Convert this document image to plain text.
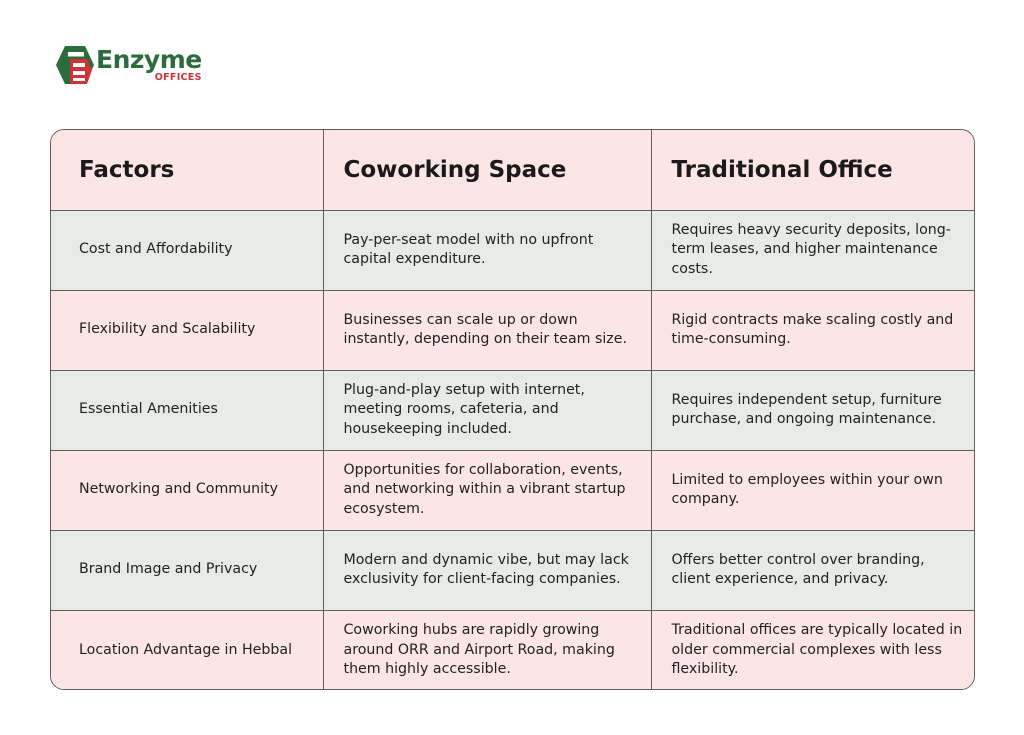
Enzyme
OFFICES
Factors	Coworking Space	Traditional Office
Cost and Affordability	Pay-per-seat model with no upfront capital expenditure.	Requires heavy security deposits, long-term leases, and higher maintenance costs.
Flexibility and Scalability	Businesses can scale up or down instantly, depending on their team size.	Rigid contracts make scaling costly and time-consuming.
Essential Amenities	Plug-and-play setup with internet, meeting rooms, cafeteria, and housekeeping included.	Requires independent setup, furniture purchase, and ongoing maintenance.
Networking and Community	Opportunities for collaboration, events, and networking within a vibrant startup ecosystem.	Limited to employees within your own company.
Brand Image and Privacy	Modern and dynamic vibe, but may lack exclusivity for client-facing companies.	Offers better control over branding, client experience, and privacy.
Location Advantage in Hebbal	Coworking hubs are rapidly growing around ORR and Airport Road, making them highly accessible.	Traditional offices are typically located in older commercial complexes with less flexibility.
